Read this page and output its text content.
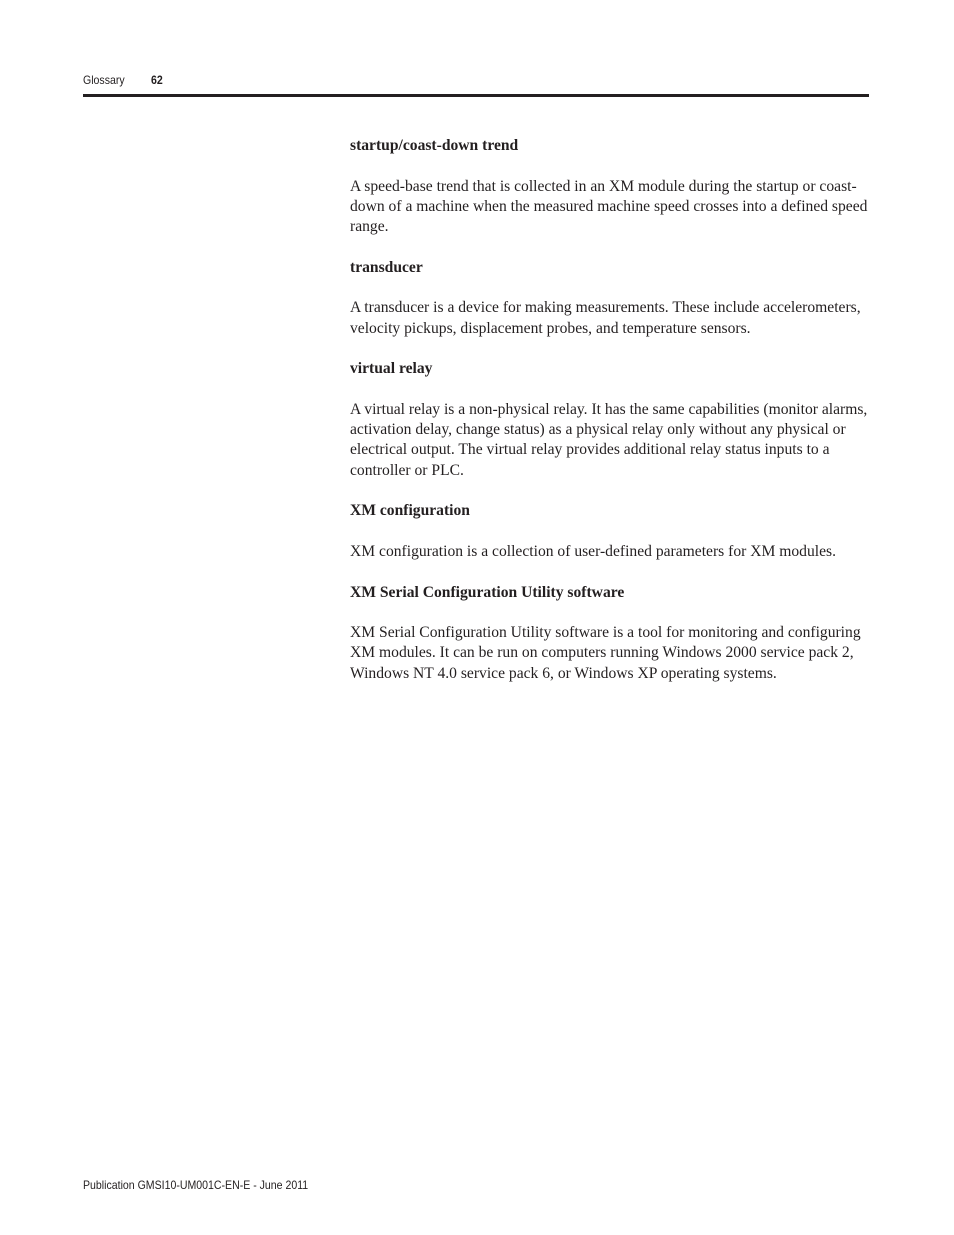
Glossary 62

startup/coast-down trend

A speed-base trend that is collected in an XM module during the startup or coast-down of a machine when the measured machine speed crosses into a defined speed range.

transducer

A transducer is a device for making measurements. These include accelerometers, velocity pickups, displacement probes, and temperature sensors.

virtual relay

A virtual relay is a non-physical relay. It has the same capabilities (monitor alarms, activation delay, change status) as a physical relay only without any physical or electrical output. The virtual relay provides additional relay status inputs to a controller or PLC.

XM configuration

XM configuration is a collection of user-defined parameters for XM modules.

XM Serial Configuration Utility software

XM Serial Configuration Utility software is a tool for monitoring and configuring XM modules. It can be run on computers running Windows 2000 service pack 2, Windows NT 4.0 service pack 6, or Windows XP operating systems.

Publication GMSI10-UM001C-EN-E - June 2011
